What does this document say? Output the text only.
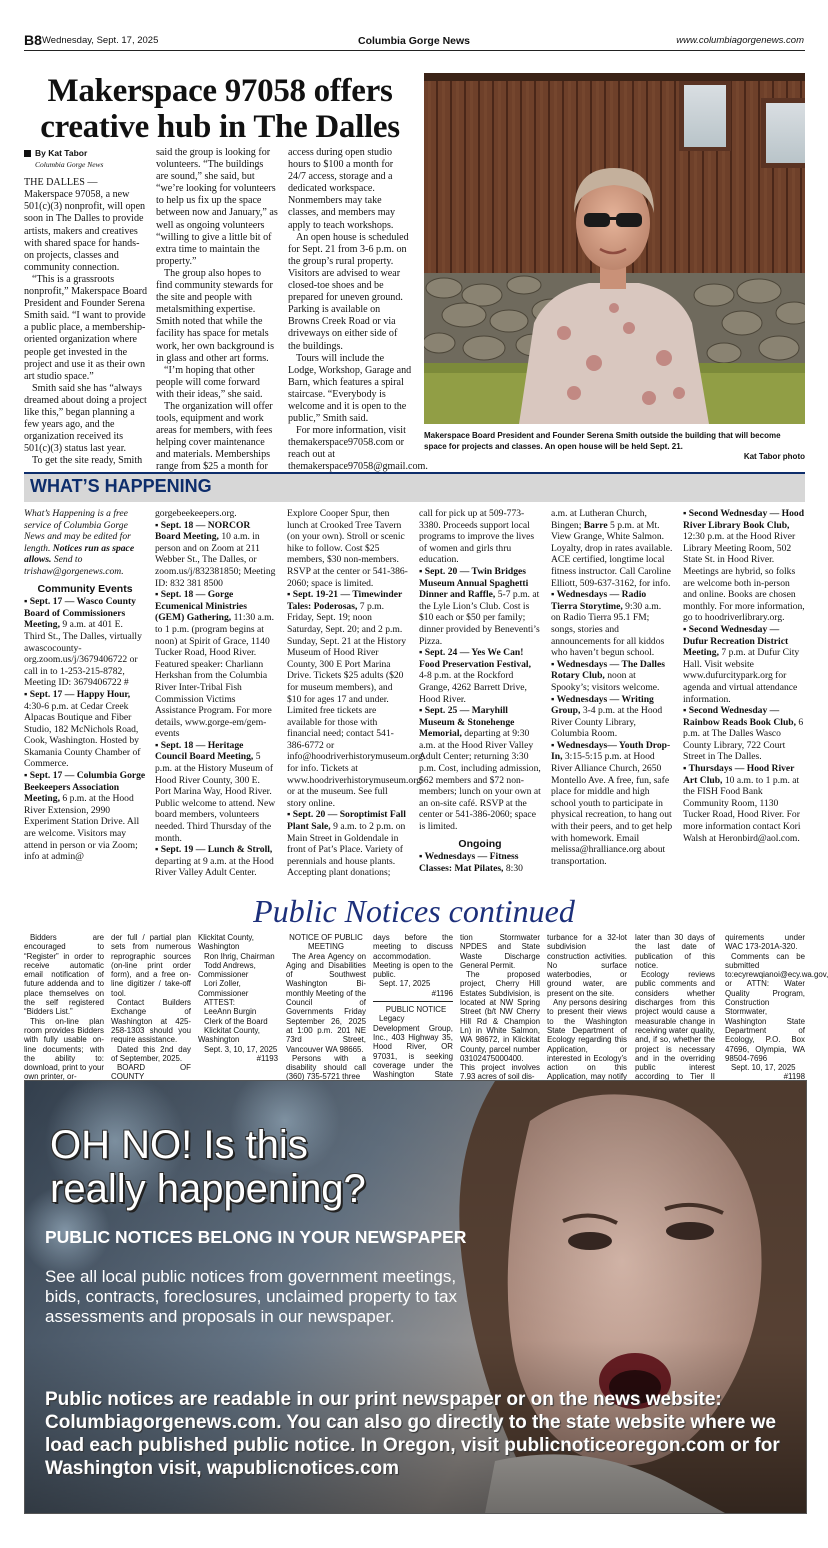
B8 Wednesday, Sept. 17, 2025	Columbia Gorge News	www.columbiagorgenews.com
Makerspace 97058 offers creative hub in The Dalles
By Kat Tabor
Columbia Gorge News

THE DALLES — Makerspace 97058, a new 501(c)(3) nonprofit, will open soon in The Dalles to provide artists, makers and creatives with shared space for hands-on projects, classes and community connection.

“This is a grassroots nonprofit,” Makerspace Board President and Founder Serena Smith said. “I want to provide a public place, a membership-oriented organization where people get invested in the project and use it as their own art studio space.”

Smith said she has “always dreamed about doing a project like this,” began planning a few years ago, and the organization received its 501(c)(3) status last year.

To get the site ready, Smith

said the group is looking for volunteers. “The buildings are sound,” she said, but “we’re looking for volunteers to help us fix up the space between now and January,” as well as ongoing volunteers “willing to give a little bit of extra time to maintain the property.”

The group also hopes to find community stewards for the site and people with metalsmithing expertise. Smith noted that while the facility has space for metals work, her own background is in glass and other art forms.

“I’m hoping that other people will come forward with their ideas,” she said.

The organization will offer tools, equipment and work areas for members, with fees helping cover maintenance and materials. Memberships range from $25 a month for

access during open studio hours to $100 a month for 24/7 access, storage and a dedicated workspace. Nonmembers may take classes, and members may apply to teach workshops.

An open house is scheduled for Sept. 21 from 3-6 p.m. on the group’s rural property. Visitors are advised to wear closed-toe shoes and be prepared for uneven ground. Parking is available on Browns Creek Road or via driveways on either side of the buildings.

Tours will include the Lodge, Workshop, Garage and Barn, which features a spiral staircase. “Everybody is welcome and it is open to the public,” Smith said.

For more information, visit themakerspace97058.com or reach out at themakerspace97058@gmail.com.

Makerspace Board President and Founder Serena Smith outside the building that will become space for projects and classes. An open house will be held Sept. 21.
Kat Tabor photo
WHAT’S HAPPENING

What’s Happening is a free service of Columbia Gorge News and may be edited for length. Notices run as space allows. Send to trishaw@gorgenews.com.

Community Events

▪ Sept. 17 — Wasco County Board of Commissioners Meeting, 9 a.m. at 401 E. Third St., The Dalles, virtually awascocounty-org.zoom.us/j/3679406722 or call in to 1-253-215-8782, Meeting ID: 3679406722 #

▪ Sept. 17 — Happy Hour, 4:30-6 p.m. at Cedar Creek Alpacas Boutique and Fiber Studio, 182 McNichols Road, Cook, Washington. Hosted by Skamania County Chamber of Commerce.

▪ Sept. 17 — Columbia Gorge Beekeepers Association Meeting, 6 p.m. at the Hood River Extension, 2990 Experiment Station Drive. All are welcome. Visitors may attend in person or via Zoom; info at admin@

gorgebeekeepers.org.

▪ Sept. 18 — NORCOR Board Meeting, 10 a.m. in person and on Zoom at 211 Webber St., The Dalles, or zoom.us/j/832381850; Meeting ID: 832 381 8500

▪ Sept. 18 — Gorge Ecumenical Ministries (GEM) Gathering, 11:30 a.m. to 1 p.m. (program begins at noon) at Spirit of Grace, 1140 Tucker Road, Hood River. Featured speaker: Charliann Herkshan from the Columbia River Inter-Tribal Fish Commission Victims Assistance Program. For more details, www.gorge-em/gem-events

▪ Sept. 18 — Heritage Council Board Meeting, 5 p.m. at the History Museum of Hood River County, 300 E. Port Marina Way, Hood River. Public welcome to attend. New board members, volunteers needed. Third Thursday of the month.

▪ Sept. 19 — Lunch & Stroll, departing at 9 a.m. at the Hood River Valley Adult Center.

Explore Cooper Spur, then lunch at Crooked Tree Tavern (on your own). Stroll or scenic hike to follow. Cost $25 members, $30 non-members. RSVP at the center or 541-386-2060; space is limited.

▪ Sept. 19-21 — Timewinder Tales: Poderosas, 7 p.m. Friday, Sept. 19; noon Saturday, Sept. 20; and 2 p.m. Sunday, Sept. 21 at the History Museum of Hood River County, 300 E Port Marina Drive. Tickets $25 adults ($20 for museum members), and $10 for ages 17 and under. Limited free tickets are available for those with financial need; contact 541-386-6772 or info@hoodriverhistorymuseum.org for info. Tickets at www.hoodriverhistorymuseum.org or at the museum. See full story online.

▪ Sept. 20 — Soroptimist Fall Plant Sale, 9 a.m. to 2 p.m. on Main Street in Goldendale in front of Pat’s Place. Variety of perennials and house plants. Accepting plant donations;

call for pick up at 509-773-3380. Proceeds support local programs to improve the lives of women and girls thru education.

▪ Sept. 20 — Twin Bridges Museum Annual Spaghetti Dinner and Raffle, 5-7 p.m. at the Lyle Lion’s Club. Cost is $10 each or $50 per family; dinner provided by Beneventi’s Pizza.

▪ Sept. 24 — Yes We Can! Food Preservation Festival, 4-8 p.m. at the Rockford Grange, 4262 Barrett Drive, Hood River.

▪ Sept. 25 — Maryhill Museum & Stonehenge Memorial, departing at 9:30 a.m. at the Hood River Valley Adult Center; returning 3:30 p.m. Cost, including admission, $62 members and $72 non-members; lunch on your own at an on-site café. RSVP at the center or 541-386-2060; space is limited.

Ongoing

▪ Wednesdays — Fitness Classes: Mat Pilates, 8:30

a.m. at Lutheran Church, Bingen; Barre 5 p.m. at Mt. View Grange, White Salmon. Loyalty, drop in rates available. ACE certified, longtime local fitness instructor. Call Caroline Elliott, 509-637-3162, for info.

▪ Wednesdays — Radio Tierra Storytime, 9:30 a.m. on Radio Tierra 95.1 FM; songs, stories and announcements for all kiddos who haven’t begun school.

▪ Wednesdays — The Dalles Rotary Club, noon at Spooky’s; visitors welcome.

▪ Wednesdays — Writing Group, 3-4 p.m. at the Hood River County Library, Columbia Room.

▪ Wednesdays— Youth Drop-In, 3:15-5:15 p.m. at Hood River Alliance Church, 2650 Montello Ave. A free, fun, safe place for middle and high school youth to participate in physical recreation, to hang out with their peers, and to get help with homework. Email melissa@hralliance.org about transportation.

▪ Second Wednesday — Hood River Library Book Club, 12:30 p.m. at the Hood River Library Meeting Room, 502 State St. in Hood River. Meetings are hybrid, so folks are welcome both in-person and online. Books are chosen monthly. For more information, go to hoodriverlibrary.org.

▪ Second Wednesday — Dufur Recreation District Meeting, 7 p.m. at Dufur City Hall. Visit website www.dufurcitypark.org for agenda and virtual attendance information.

▪ Second Wednesday — Rainbow Reads Book Club, 6 p.m. at The Dalles Wasco County Library, 722 Court Street in The Dalles.

▪ Thursdays — Hood River Art Club, 10 a.m. to 1 p.m. at the FISH Food Bank Community Room, 1130 Tucker Road, Hood River. For more information contact Kori Walsh at Heronbird@aol.com.

Public Notices continued

Bidders are encouraged to “Register” in order to receive automatic email notification of future addenda and to place themselves on the self registered “Bidders List.”

This on-line plan room provides Bidders with fully usable on-line documents; with the ability to: download, print to your own printer, or-

der full / partial plan sets from numerous reprographic sources (on-line print order form), and a free on-line digitizer / take-off tool.

Contact Builders Exchange of Washington at 425-258-1303 should you require assistance.

Dated this 2nd day of September, 2025.

BOARD OF COUNTY

Klickitat County, Washington

Ron Ihrig, Chairman

Todd Andrews, Commissioner

Lori Zoller, Commissioner

ATTEST:

LeeAnn Burgin

Clerk of the Board

Klickitat County, Washington

Sept. 3, 10, 17, 2025

#1193

NOTICE OF PUBLIC MEETING

The Area Agency on Aging and Disabilities of Southwest Washington Bi-monthly Meeting of the Council of Governments Friday September 26, 2025 at 1:00 p.m. 201 NE 73rd Street, Vancouver WA 98665.

Persons with a disability should call (360) 735-5721 three

days before the meeting to discuss accommodation. Meeting is open to the public.

Sept. 17, 2025

#1196

PUBLIC NOTICE

Legacy Development Group, Inc., 403 Highway 35, Hood River, OR 97031, is seeking coverage under the Washington State

tion Stormwater NPDES and State Waste Discharge General Permit.

The proposed project, Cherry Hill Estates Subdivision, is located at NW Spring Street (b/t NW Cherry Hill Rd & Champion Ln) in White Salmon, WA 98672, in Klickitat County, parcel number 03102475000400. This project involves 7.93 acres of soil dis-

turbance for a 32-lot subdivision construction activities. No surface waterbodies, or ground water, are present on the site.

Any persons desiring to present their views to the Washington State Department of Ecology regarding this Application, or interested in Ecology’s action on this Application, may notify

later than 30 days of the last date of publication of this notice.

Ecology reviews public comments and considers whether discharges from this project would cause a measurable change in receiving water quality, and, if so, whether the project is necessary and in the overriding public interest according to Tier II

quirements under WAC 173-201A-320.

Comments can be submitted to:ecyrewqianoi@ecy.wa.gov, or ATTN: Water Quality Program, Construction Stormwater, Washington State Department of Ecology, P.O. Box 47696, Olympia, WA 98504-7696

Sept. 10, 17, 2025

#1198
OH NO! Is this
really happening?
PUBLIC NOTICES BELONG IN YOUR NEWSPAPER
See all local public notices from government meetings, bids, contracts, foreclosures, unclaimed property to tax assessments and proposals in our newspaper.
Public notices are readable in our print newspaper or on the news website: Columbiagorgenews.com. You can also go directly to the state website where we load each published public notice. In Oregon, visit publicnoticeoregon.com or for Washington visit, wapublicnotices.com
